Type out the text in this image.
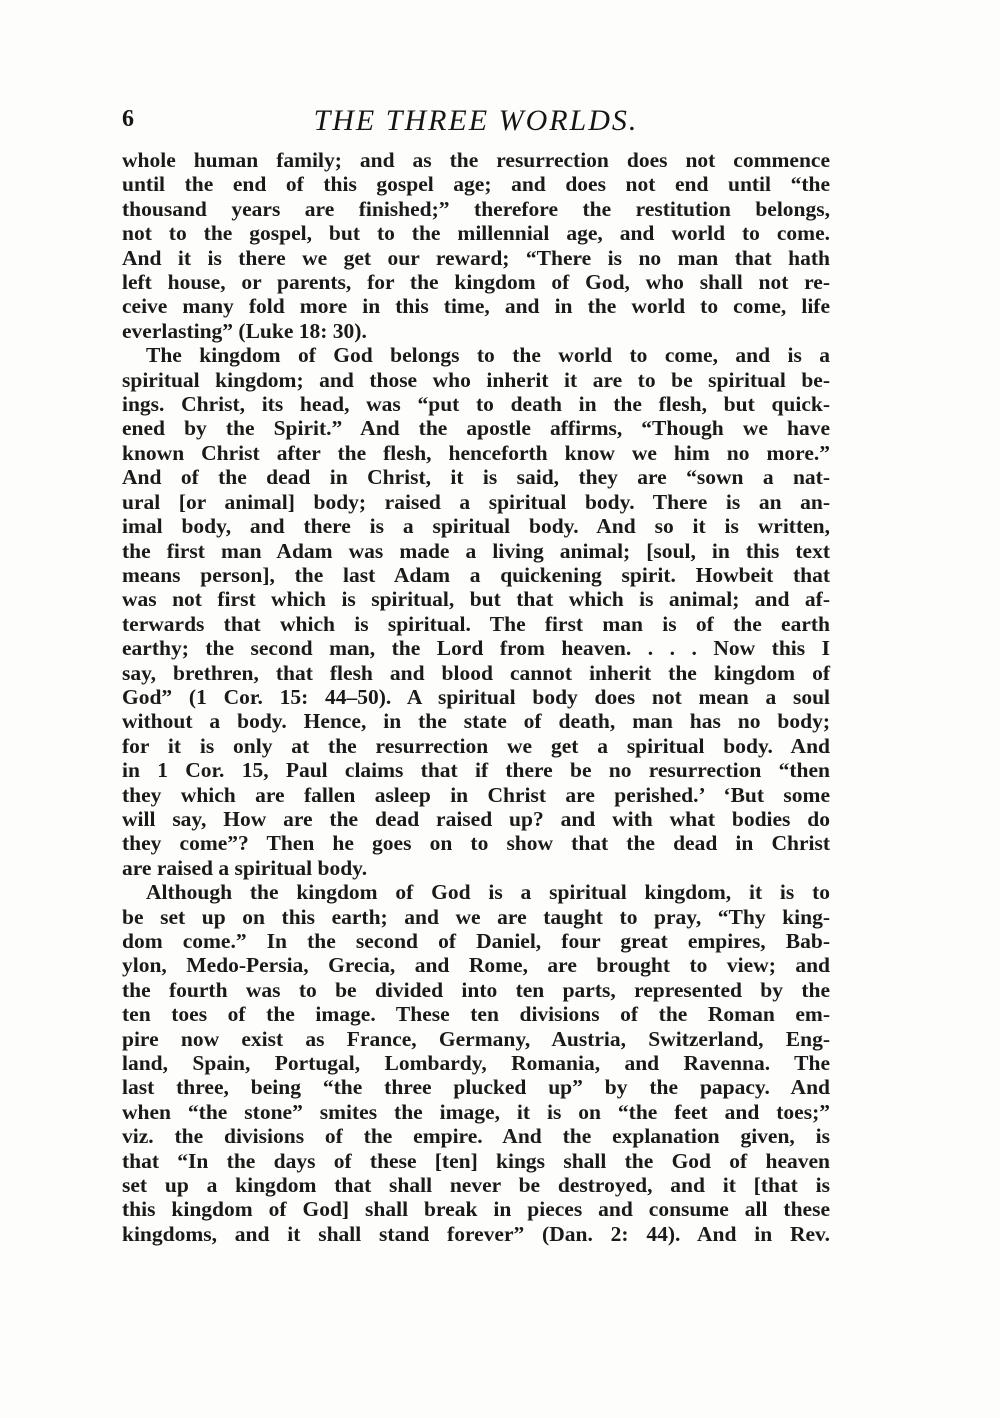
6	THE THREE WORLDS.
whole human family; and as the resurrection does not commence
until the end of this gospel age; and does not end until “the
thousand years are finished;” therefore the restitution belongs,
not to the gospel, but to the millennial age, and world to come.
And it is there we get our reward; “There is no man that hath
left house, or parents, for the kingdom of God, who shall not re-
ceive many fold more in this time, and in the world to come, life
everlasting” (Luke 18: 30).
The kingdom of God belongs to the world to come, and is a
spiritual kingdom; and those who inherit it are to be spiritual be-
ings. Christ, its head, was “put to death in the flesh, but quick-
ened by the Spirit.” And the apostle affirms, “Though we have
known Christ after the flesh, henceforth know we him no more.”
And of the dead in Christ, it is said, they are “sown a nat-
ural [or animal] body; raised a spiritual body. There is an an-
imal body, and there is a spiritual body. And so it is written,
the first man Adam was made a living animal; [soul, in this text
means person], the last Adam a quickening spirit. Howbeit that
was not first which is spiritual, but that which is animal; and af-
terwards that which is spiritual. The first man is of the earth
earthy; the second man, the Lord from heaven. . . . Now this I
say, brethren, that flesh and blood cannot inherit the kingdom of
God” (1 Cor. 15: 44–50). A spiritual body does not mean a soul
without a body. Hence, in the state of death, man has no body;
for it is only at the resurrection we get a spiritual body. And
in 1 Cor. 15, Paul claims that if there be no resurrection “then
they which are fallen asleep in Christ are perished.’ ‘But some
will say, How are the dead raised up? and with what bodies do
they come”? Then he goes on to show that the dead in Christ
are raised a spiritual body.
Although the kingdom of God is a spiritual kingdom, it is to
be set up on this earth; and we are taught to pray, “Thy king-
dom come.” In the second of Daniel, four great empires, Bab-
ylon, Medo-Persia, Grecia, and Rome, are brought to view; and
the fourth was to be divided into ten parts, represented by the
ten toes of the image. These ten divisions of the Roman em-
pire now exist as France, Germany, Austria, Switzerland, Eng-
land, Spain, Portugal, Lombardy, Romania, and Ravenna. The
last three, being “the three plucked up” by the papacy. And
when “the stone” smites the image, it is on “the feet and toes;”
viz. the divisions of the empire. And the explanation given, is
that “In the days of these [ten] kings shall the God of heaven
set up a kingdom that shall never be destroyed, and it [that is
this kingdom of God] shall break in pieces and consume all these
kingdoms, and it shall stand forever” (Dan. 2: 44). And in Rev.
